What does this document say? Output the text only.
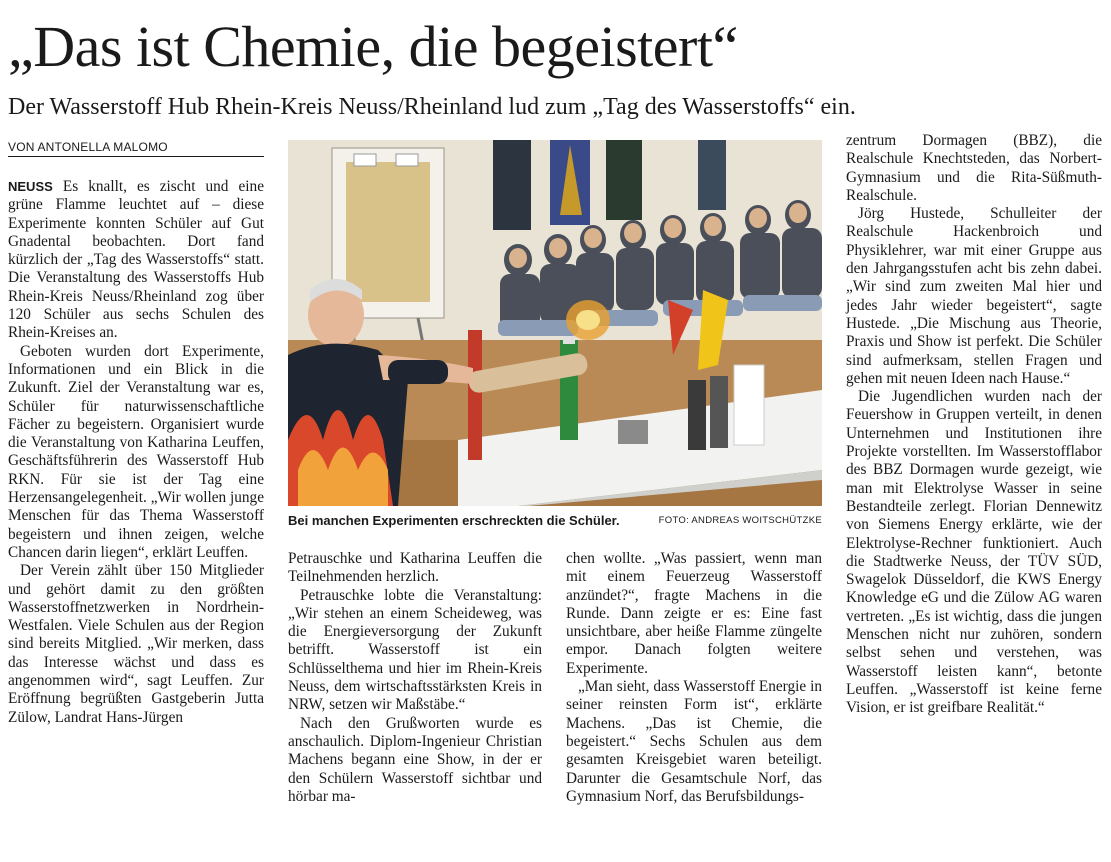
„Das ist Chemie, die begeistert“
Der Wasserstoff Hub Rhein-Kreis Neuss/Rheinland lud zum „Tag des Wasserstoffs“ ein.
VON ANTONELLA MALOMO

NEUSS Es knallt, es zischt und eine grüne Flamme leuchtet auf – diese Experimente konnten Schüler auf Gut Gnadental beobachten. Dort fand kürzlich der „Tag des Wasserstoffs“ statt. Die Veranstaltung des Wasserstoffs Hub Rhein-Kreis Neuss/Rheinland zog über 120 Schüler aus sechs Schulen des Rhein-Kreises an.

Geboten wurden dort Experimente, Informationen und ein Blick in die Zukunft. Ziel der Veranstaltung war es, Schüler für naturwissenschaftliche Fächer zu begeistern. Organisiert wurde die Veranstaltung von Katharina Leuffen, Geschäftsführerin des Wasserstoff Hub RKN. Für sie ist der Tag eine Herzensangelegenheit. „Wir wollen junge Menschen für das Thema Wasserstoff begeistern und ihnen zeigen, welche Chancen darin liegen“, erklärt Leuffen.

Der Verein zählt über 150 Mitglieder und gehört damit zu den größten Wasserstoffnetzwerken in Nordrhein-Westfalen. Viele Schulen aus der Region sind bereits Mitglied. „Wir merken, dass das Interesse wächst und dass es angenommen wird“, sagt Leuffen. Zur Eröffnung begrüßten Gastgeberin Jutta Zülow, Landrat Hans-Jürgen

Bei manchen Experimenten erschreckten die Schüler.	FOTO: ANDREAS WOITSCHÜTZKE

Petrauschke und Katharina Leuffen die Teilnehmenden herzlich.

Petrauschke lobte die Veranstaltung: „Wir stehen an einem Scheideweg, was die Energieversorgung der Zukunft betrifft. Wasserstoff ist ein Schlüsselthema und hier im Rhein-Kreis Neuss, dem wirtschaftsstärksten Kreis in NRW, setzen wir Maßstäbe.“

Nach den Grußworten wurde es anschaulich. Diplom-Ingenieur Christian Machens begann eine Show, in der er den Schülern Wasserstoff sichtbar und hörbar ma-

chen wollte. „Was passiert, wenn man mit einem Feuerzeug Wasserstoff anzündet?“, fragte Machens in die Runde. Dann zeigte er es: Eine fast unsichtbare, aber heiße Flamme züngelte empor. Danach folgten weitere Experimente.

„Man sieht, dass Wasserstoff Energie in seiner reinsten Form ist“, erklärte Machens. „Das ist Chemie, die begeistert.“ Sechs Schulen aus dem gesamten Kreisgebiet waren beteiligt. Darunter die Gesamtschule Norf, das Gymnasium Norf, das Berufsbildungs-

zentrum Dormagen (BBZ), die Realschule Knechtsteden, das Norbert-Gymnasium und die Rita-Süßmuth-Realschule.

Jörg Hustede, Schulleiter der Realschule Hackenbroich und Physiklehrer, war mit einer Gruppe aus den Jahrgangsstufen acht bis zehn dabei. „Wir sind zum zweiten Mal hier und jedes Jahr wieder begeistert“, sagte Hustede. „Die Mischung aus Theorie, Praxis und Show ist perfekt. Die Schüler sind aufmerksam, stellen Fragen und gehen mit neuen Ideen nach Hause.“

Die Jugendlichen wurden nach der Feuershow in Gruppen verteilt, in denen Unternehmen und Institutionen ihre Projekte vorstellten. Im Wasserstofflabor des BBZ Dormagen wurde gezeigt, wie man mit Elektrolyse Wasser in seine Bestandteile zerlegt. Florian Dennewitz von Siemens Energy erklärte, wie der Elektrolyse-Rechner funktioniert. Auch die Stadtwerke Neuss, der TÜV SÜD, Swagelok Düsseldorf, die KWS Energy Knowledge eG und die Zülow AG waren vertreten. „Es ist wichtig, dass die jungen Menschen nicht nur zuhören, sondern selbst sehen und verstehen, was Wasserstoff leisten kann“, betonte Leuffen. „Wasserstoff ist keine ferne Vision, er ist greifbare Realität.“
